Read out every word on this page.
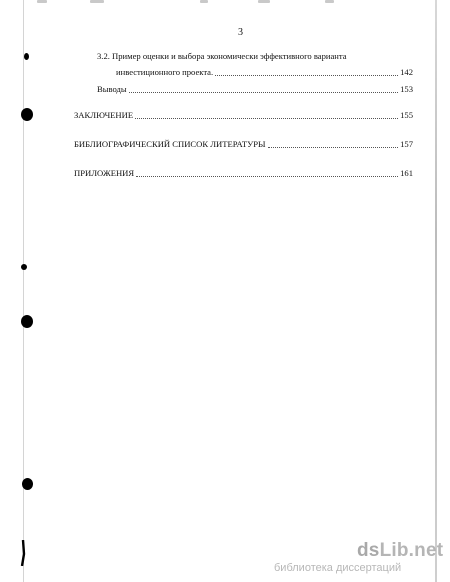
3
3.2. Пример оценки и выбора экономически эффективного варианта
инвестиционного проекта.	142
Выводы	153
ЗАКЛЮЧЕНИЕ	155
БИБЛИОГРАФИЧЕСКИЙ СПИСОК ЛИТЕРАТУРЫ	157
ПРИЛОЖЕНИЯ	161
dsLib.net
библиотека диссертаций
